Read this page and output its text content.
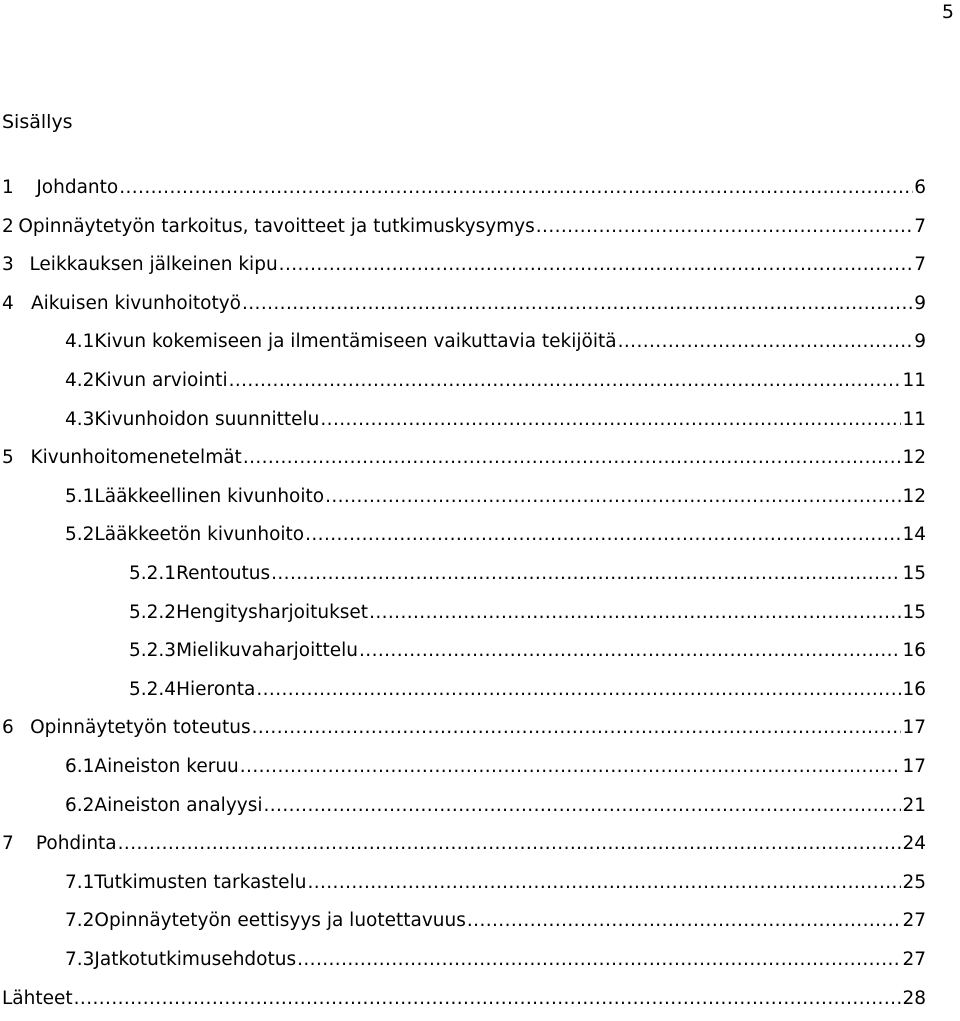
5
Sisällys
1	Johdanto .....	6
2 Opinnäytetyön tarkoitus, tavoitteet ja tutkimuskysymys .....	7
3 Leikkauksen jälkeinen kipu .....	7
4 Aikuisen kivunhoitotyö .....	9
4.1 Kivun kokemiseen ja ilmentämiseen vaikuttavia tekijöitä .....	9
4.2 Kivun arviointi .....	11
4.3 Kivunhoidon suunnittelu .....	11
5 Kivunhoitomenetelmät .....	12
5.1 Lääkkeellinen kivunhoito .....	12
5.2 Lääkkeetön kivunhoito .....	14
5.2.1 Rentoutus .....	15
5.2.2 Hengitysharjoitukset .....	15
5.2.3 Mielikuvaharjoittelu .....	16
5.2.4 Hieronta .....	16
6 Opinnäytetyön toteutus .....	17
6.1 Aineiston keruu .....	17
6.2 Aineiston analyysi .....	21
7	Pohdinta .....	24
7.1 Tutkimusten tarkastelu .....	25
7.2 Opinnäytetyön eettisyys ja luotettavuus .....	27
7.3 Jatkotutkimusehdotus .....	27
Lähteet .....	28
